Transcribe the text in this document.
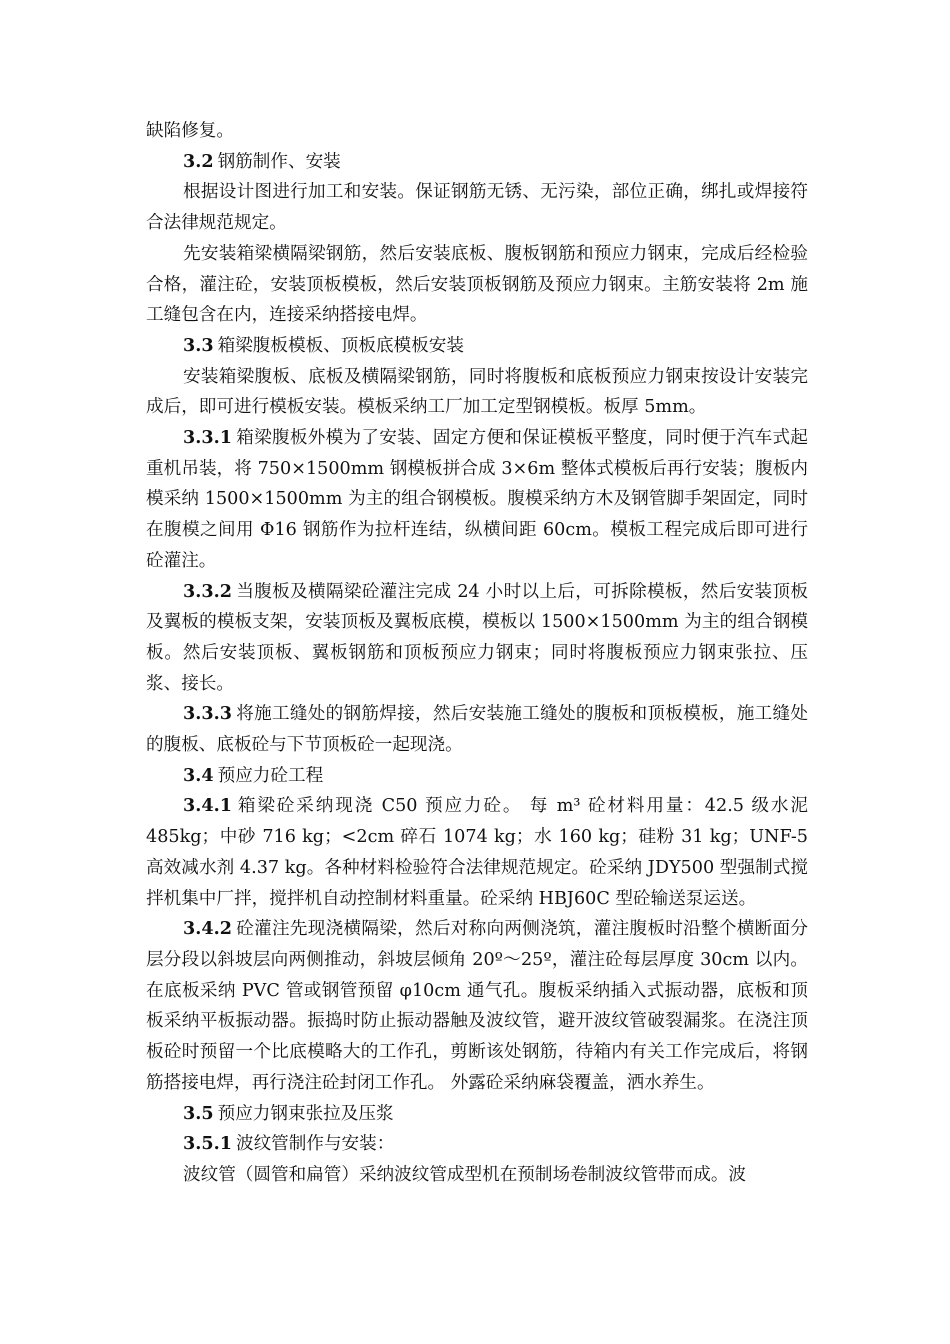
缺陷修复。

3.2 钢筋制作、安装

根据设计图进行加工和安装。保证钢筋无锈、无污染，部位正确，绑扎或焊接符合法律规范规定。

先安装箱梁横隔梁钢筋，然后安装底板、腹板钢筋和预应力钢束，完成后经检验合格，灌注砼，安装顶板模板，然后安装顶板钢筋及预应力钢束。主筋安装将 2m 施工缝包含在内，连接采纳搭接电焊。

3.3 箱梁腹板模板、顶板底模板安装

安装箱梁腹板、底板及横隔梁钢筋，同时将腹板和底板预应力钢束按设计安装完成后，即可进行模板安装。模板采纳工厂加工定型钢模板。板厚 5mm。

3.3.1 箱梁腹板外模为了安装、固定方便和保证模板平整度，同时便于汽车式起重机吊装，将 750×1500mm 钢模板拼合成 3×6m 整体式模板后再行安装；腹板内模采纳 1500×1500mm 为主的组合钢模板。腹模采纳方木及钢管脚手架固定，同时在腹模之间用 Φ16 钢筋作为拉杆连结，纵横间距 60cm。模板工程完成后即可进行砼灌注。

3.3.2 当腹板及横隔梁砼灌注完成 24 小时以上后，可拆除模板，然后安装顶板及翼板的模板支架，安装顶板及翼板底模，模板以 1500×1500mm 为主的组合钢模板。然后安装顶板、翼板钢筋和顶板预应力钢束；同时将腹板预应力钢束张拉、压浆、接长。

3.3.3 将施工缝处的钢筋焊接，然后安装施工缝处的腹板和顶板模板，施工缝处的腹板、底板砼与下节顶板砼一起现浇。

3.4 预应力砼工程

3.4.1 箱梁砼采纳现浇 C50 预应力砼。 每 m³ 砼材料用量：42.5 级水泥 485kg；中砂 716 kg；<2cm 碎石 1074 kg；水 160 kg；硅粉 31 kg；UNF-5 高效减水剂 4.37 kg。各种材料检验符合法律规范规定。砼采纳 JDY500 型强制式搅拌机集中厂拌，搅拌机自动控制材料重量。砼采纳 HBJ60C 型砼输送泵运送。

3.4.2 砼灌注先现浇横隔梁，然后对称向两侧浇筑，灌注腹板时沿整个横断面分层分段以斜坡层向两侧推动，斜坡层倾角 20º～25º，灌注砼每层厚度 30cm 以内。在底板采纳 PVC 管或钢管预留 φ10cm 通气孔。腹板采纳插入式振动器，底板和顶板采纳平板振动器。振捣时防止振动器触及波纹管，避开波纹管破裂漏浆。在浇注顶板砼时预留一个比底模略大的工作孔，剪断该处钢筋，待箱内有关工作完成后，将钢筋搭接电焊，再行浇注砼封闭工作孔。 外露砼采纳麻袋覆盖，洒水养生。

3.5 预应力钢束张拉及压浆

3.5.1 波纹管制作与安装：

波纹管（圆管和扁管）采纳波纹管成型机在预制场卷制波纹管带而成。波
